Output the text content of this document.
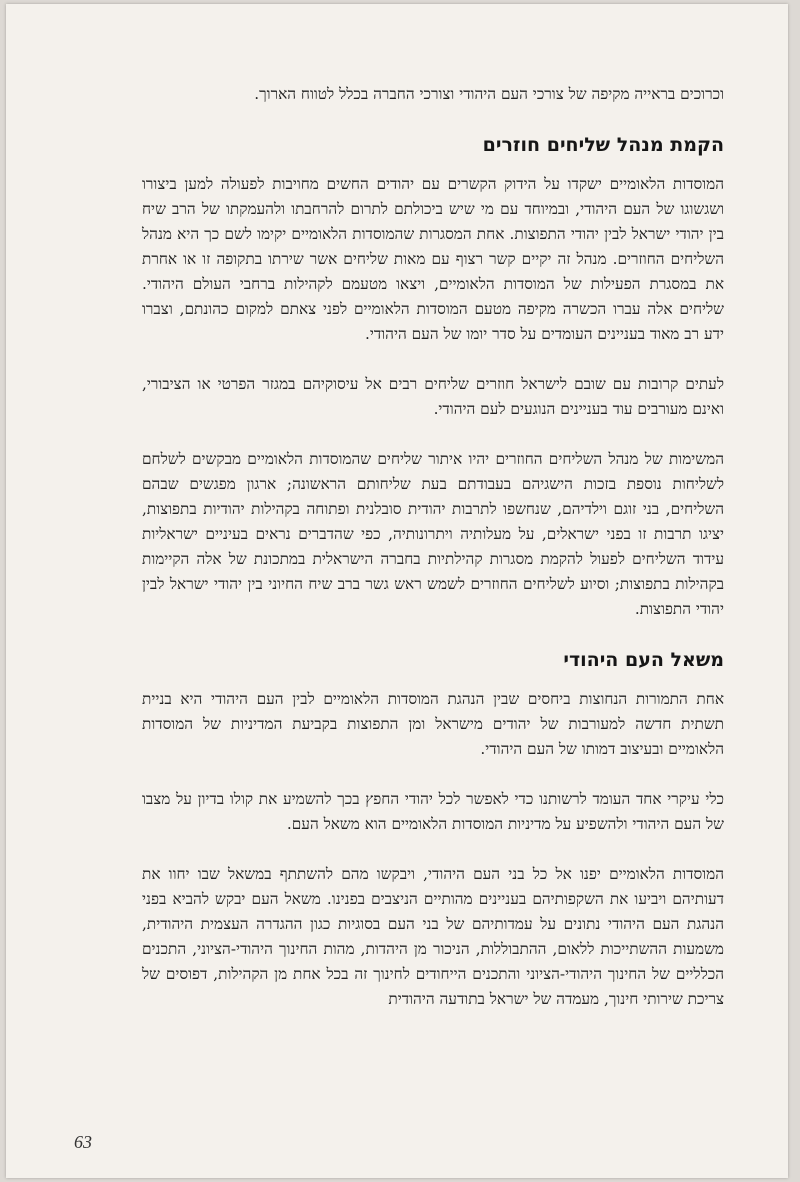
וכרוכים בראייה מקיפה של צורכי העם היהודי וצורכי החברה בכלל לטווח הארוך.

הקמת מנהל שליחים חוזרים

המוסדות הלאומיים ישקדו על הידוק הקשרים עם יהודים החשים מחויבות לפעולה למען ביצורו ושגשוגו של העם היהודי, ובמיוחד עם מי שיש ביכולתם לתרום להרחבתו ולהעמקתו של הרב שיח בין יהודי ישראל לבין יהודי התפוצות. אחת המסגרות שהמוסדות הלאומיים יקימו לשם כך היא מנהל השליחים החוזרים. מנהל זה יקיים קשר רצוף עם מאות שליחים אשר שירתו בתקופה זו או אחרת את במסגרת הפעילות של המוסדות הלאומיים, ויצאו מטעמם לקהילות ברחבי העולם היהודי. שליחים אלה עברו הכשרה מקיפה מטעם המוסדות הלאומיים לפני צאתם למקום כהונתם, וצברו ידע רב מאוד בעניינים העומדים על סדר יומו של העם היהודי.

לעתים קרובות עם שובם לישראל חוזרים שליחים רבים אל עיסוקיהם במגזר הפרטי או הציבורי, ואינם מעורבים עוד בעניינים הנוגעים לעם היהודי.

המשימות של מנהל השליחים החוזרים יהיו איתור שליחים שהמוסדות הלאומיים מבקשים לשלחם לשליחות נוספת בזכות הישגיהם בעבודתם בעת שליחותם הראשונה; ארגון מפגשים שבהם השליחים, בני זוגם וילדיהם, שנחשפו לתרבות יהודית סובלנית ופתוחה בקהילות יהודיות בתפוצות, יציגו תרבות זו בפני ישראלים, על מעלותיה ויתרונותיה, כפי שהדברים נראים בעיניים ישראליות עידוד השליחים לפעול להקמת מסגרות קהילתיות בחברה הישראלית במתכונת של אלה הקיימות בקהילות בתפוצות; וסיוע לשליחים החוזרים לשמש ראש גשר ברב שיח החיוני בין יהודי ישראל לבין יהודי התפוצות.

משאל העם היהודי

אחת התמורות הנחוצות ביחסים שבין הנהגת המוסדות הלאומיים לבין העם היהודי היא בניית תשתית חדשה למעורבות של יהודים מישראל ומן התפוצות בקביעת המדיניות של המוסדות הלאומיים ובעיצוב דמותו של העם היהודי.

כלי עיקרי אחד העומד לרשותנו כדי לאפשר לכל יהודי החפץ בכך להשמיע את קולו בדיון על מצבו של העם היהודי ולהשפיע על מדיניות המוסדות הלאומיים הוא משאל העם.

המוסדות הלאומיים יפנו אל כל בני העם היהודי, ויבקשו מהם להשתתף במשאל שבו יחוו את דעותיהם ויביעו את השקפותיהם בעניינים מהותיים הניצבים בפנינו. משאל העם יבקש להביא בפני הנהגת העם היהודי נתונים על עמדותיהם של בני העם בסוגיות כגון ההגדרה העצמית היהודית, משמעות ההשתייכות ללאום, ההתבוללות, הניכור מן היהדות, מהות החינוך היהודי-הציוני, התכנים הכלליים של החינוך היהודי-הציוני והתכנים הייחודים לחינוך זה בכל אחת מן הקהילות, דפוסים של צריכת שירותי חינוך, מעמדה של ישראל בתודעה היהודית

63
